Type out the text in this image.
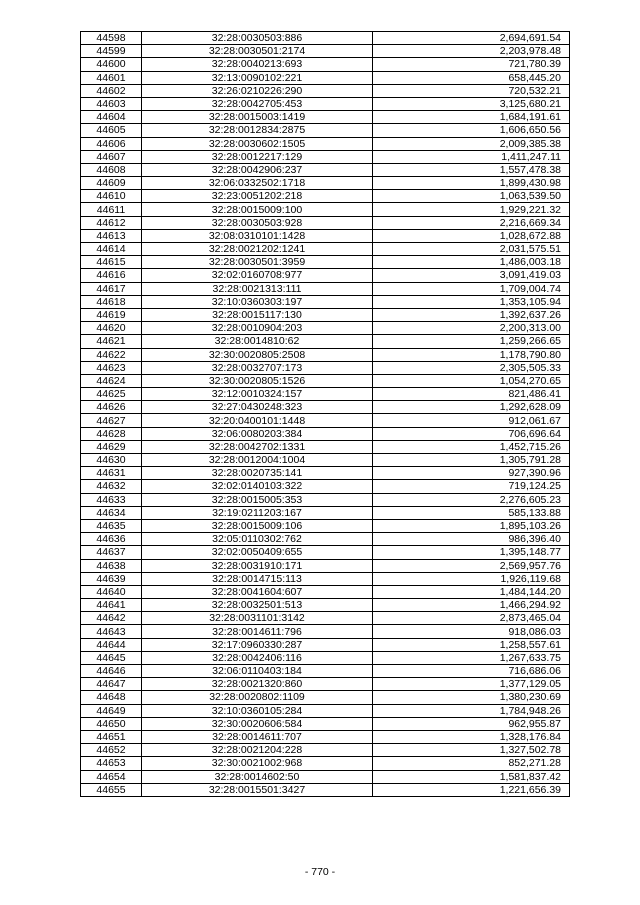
44598	32:28:0030503:886	2,694,691.54
44599	32:28:0030501:2174	2,203,978.48
44600	32:28:0040213:693	721,780.39
44601	32:13:0090102:221	658,445.20
44602	32:26:0210226:290	720,532.21
44603	32:28:0042705:453	3,125,680.21
44604	32:28:0015003:1419	1,684,191.61
44605	32:28:0012834:2875	1,606,650.56
44606	32:28:0030602:1505	2,009,385.38
44607	32:28:0012217:129	1,411,247.11
44608	32:28:0042906:237	1,557,478.38
44609	32:06:0332502:1718	1,899,430.98
44610	32:23:0051202:218	1,063,539.50
44611	32:28:0015009:100	1,929,221.32
44612	32:28:0030503:928	2,216,669.34
44613	32:08:0310101:1428	1,028,672.88
44614	32:28:0021202:1241	2,031,575.51
44615	32:28:0030501:3959	1,486,003.18
44616	32:02:0160708:977	3,091,419.03
44617	32:28:0021313:111	1,709,004.74
44618	32:10:0360303:197	1,353,105.94
44619	32:28:0015117:130	1,392,637.26
44620	32:28:0010904:203	2,200,313.00
44621	32:28:0014810:62	1,259,266.65
44622	32:30:0020805:2508	1,178,790.80
44623	32:28:0032707:173	2,305,505.33
44624	32:30:0020805:1526	1,054,270.65
44625	32:12:0010324:157	821,486.41
44626	32:27:0430248:323	1,292,628.09
44627	32:20:0400101:1448	912,061.67
44628	32:06:0080203:384	706,696.64
44629	32:28:0042702:1331	1,452,715.26
44630	32:28:0012004:1004	1,305,791.28
44631	32:28:0020735:141	927,390.96
44632	32:02:0140103:322	719,124.25
44633	32:28:0015005:353	2,276,605.23
44634	32:19:0211203:167	585,133.88
44635	32:28:0015009:106	1,895,103.26
44636	32:05:0110302:762	986,396.40
44637	32:02:0050409:655	1,395,148.77
44638	32:28:0031910:171	2,569,957.76
44639	32:28:0014715:113	1,926,119.68
44640	32:28:0041604:607	1,484,144.20
44641	32:28:0032501:513	1,466,294.92
44642	32:28:0031101:3142	2,873,465.04
44643	32:28:0014611:796	918,086.03
44644	32:17:0960330:287	1,258,557.61
44645	32:28:0042406:116	1,267,633.75
44646	32:06:0110403:184	716,686.06
44647	32:28:0021320:860	1,377,129.05
44648	32:28:0020802:1109	1,380,230.69
44649	32:10:0360105:284	1,784,948.26
44650	32:30:0020606:584	962,955.87
44651	32:28:0014611:707	1,328,176.84
44652	32:28:0021204:228	1,327,502.78
44653	32:30:0021002:968	852,271.28
44654	32:28:0014602:50	1,581,837.42
44655	32:28:0015501:3427	1,221,656.39
- 770 -
